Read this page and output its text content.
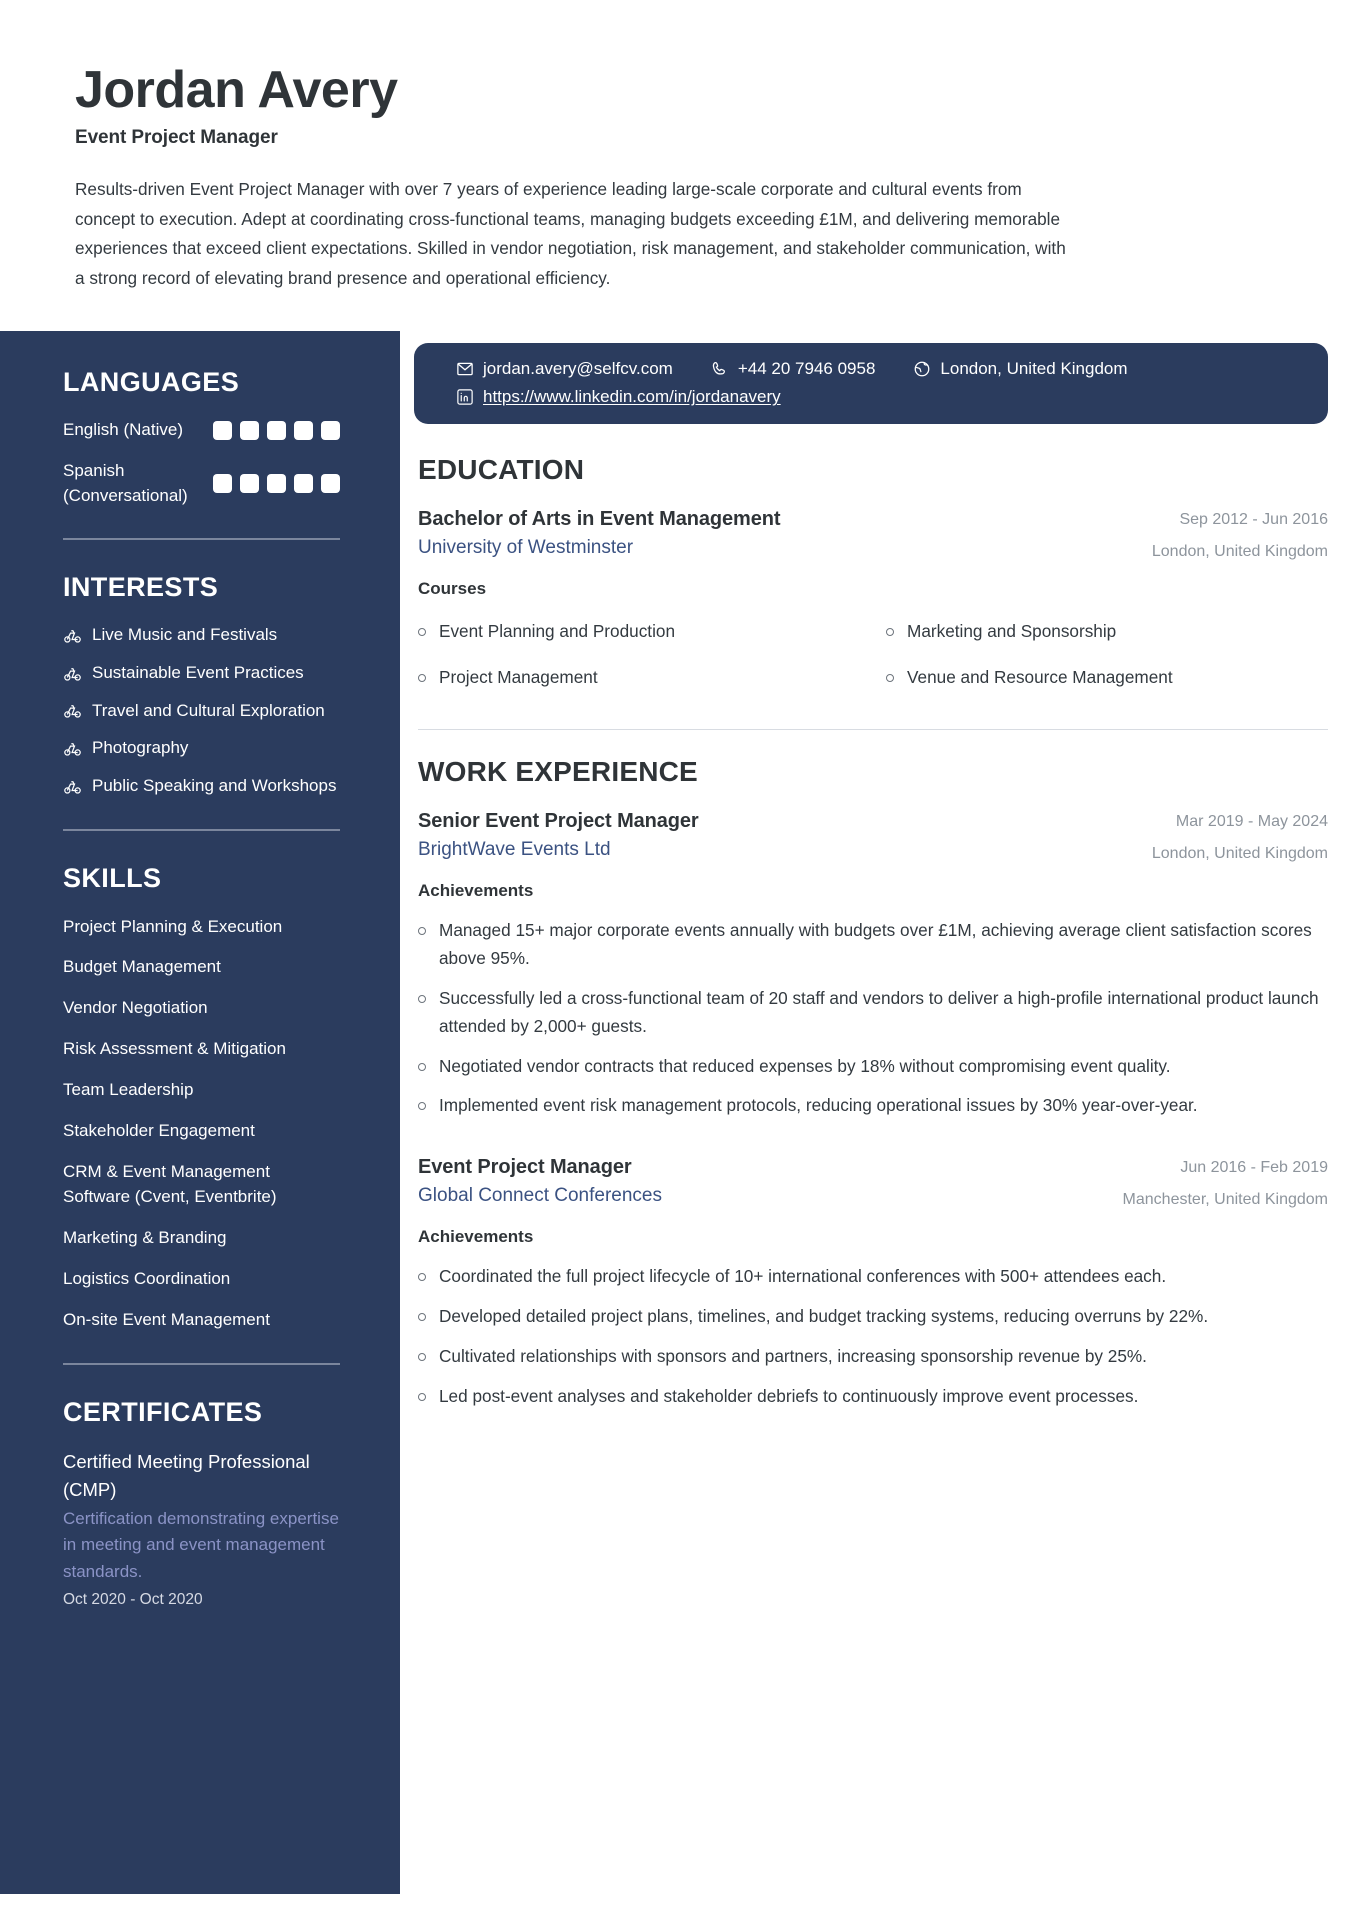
Jordan Avery
Event Project Manager
Results-driven Event Project Manager with over 7 years of experience leading large-scale corporate and cultural events from concept to execution. Adept at coordinating cross-functional teams, managing budgets exceeding £1M, and delivering memorable experiences that exceed client expectations. Skilled in vendor negotiation, risk management, and stakeholder communication, with a strong record of elevating brand presence and operational efficiency.
LANGUAGES
English (Native)
Spanish (Conversational)
INTERESTS
Live Music and Festivals
Sustainable Event Practices
Travel and Cultural Exploration
Photography
Public Speaking and Workshops
SKILLS
Project Planning & Execution
Budget Management
Vendor Negotiation
Risk Assessment & Mitigation
Team Leadership
Stakeholder Engagement
CRM & Event Management Software (Cvent, Eventbrite)
Marketing & Branding
Logistics Coordination
On-site Event Management
CERTIFICATES
Certified Meeting Professional (CMP)
Certification demonstrating expertise in meeting and event management standards.
Oct 2020 - Oct 2020
jordan.avery@selfcv.com	+44 20 7946 0958	London, United Kingdom
https://www.linkedin.com/in/jordanavery
EDUCATION
Bachelor of Arts in Event Management
University of Westminster
Sep 2012 - Jun 2016
London, United Kingdom
Courses
Event Planning and Production	Marketing and Sponsorship
Project Management	Venue and Resource Management
WORK EXPERIENCE
Senior Event Project Manager
BrightWave Events Ltd
Mar 2019 - May 2024
London, United Kingdom
Achievements
Managed 15+ major corporate events annually with budgets over £1M, achieving average client satisfaction scores above 95%.
Successfully led a cross-functional team of 20 staff and vendors to deliver a high-profile international product launch attended by 2,000+ guests.
Negotiated vendor contracts that reduced expenses by 18% without compromising event quality.
Implemented event risk management protocols, reducing operational issues by 30% year-over-year.
Event Project Manager
Global Connect Conferences
Jun 2016 - Feb 2019
Manchester, United Kingdom
Achievements
Coordinated the full project lifecycle of 10+ international conferences with 500+ attendees each.
Developed detailed project plans, timelines, and budget tracking systems, reducing overruns by 22%.
Cultivated relationships with sponsors and partners, increasing sponsorship revenue by 25%.
Led post-event analyses and stakeholder debriefs to continuously improve event processes.
